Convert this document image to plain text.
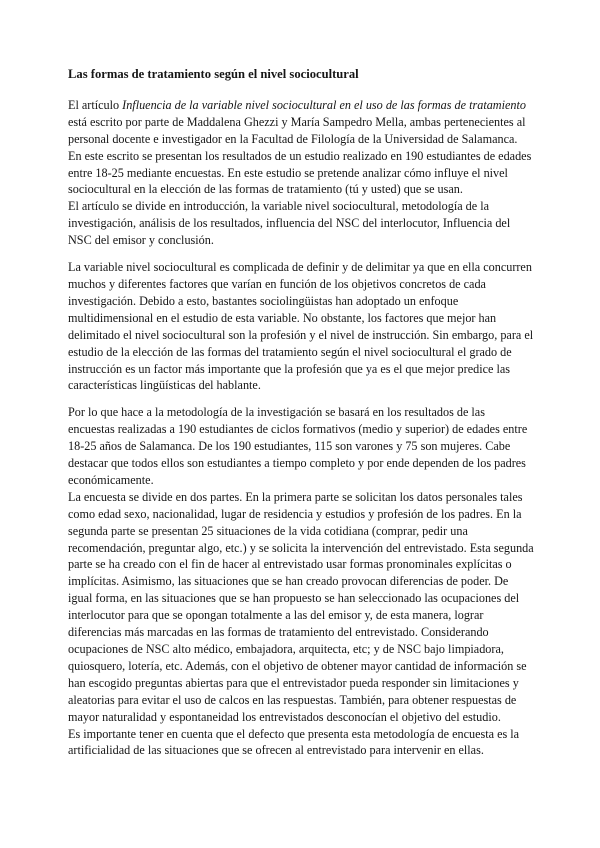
Las formas de tratamiento según el nivel sociocultural

El artículo Influencia de la variable nivel sociocultural en el uso de las formas de tratamiento está escrito por parte de Maddalena Ghezzi y María Sampedro Mella, ambas pertenecientes al personal docente e investigador en la Facultad de Filología de la Universidad de Salamanca. En este escrito se presentan los resultados de un estudio realizado en 190 estudiantes de edades entre 18-25 mediante encuestas. En este estudio se pretende analizar cómo influye el nivel sociocultural en la elección de las formas de tratamiento (tú y usted) que se usan.

El artículo se divide en introducción, la variable nivel sociocultural, metodología de la investigación, análisis de los resultados, influencia del NSC del interlocutor, Influencia del NSC del emisor y conclusión.

La variable nivel sociocultural es complicada de definir y de delimitar ya que en ella concurren muchos y diferentes factores que varían en función de los objetivos concretos de cada investigación. Debido a esto, bastantes sociolingüistas han adoptado un enfoque multidimensional en el estudio de esta variable. No obstante, los factores que mejor han delimitado el nivel sociocultural son la profesión y el nivel de instrucción. Sin embargo, para el estudio de la elección de las formas del tratamiento según el nivel sociocultural el grado de instrucción es un factor más importante que la profesión que ya es el que mejor predice las características lingüísticas del hablante.

Por lo que hace a la metodología de la investigación se basará en los resultados de las encuestas realizadas a 190 estudiantes de ciclos formativos (medio y superior) de edades entre 18-25 años de Salamanca. De los 190 estudiantes, 115 son varones y 75 son mujeres. Cabe destacar que todos ellos son estudiantes a tiempo completo y por ende dependen de los padres económicamente.

La encuesta se divide en dos partes. En la primera parte se solicitan los datos personales tales como edad sexo, nacionalidad, lugar de residencia y estudios y profesión de los padres. En la segunda parte se presentan 25 situaciones de la vida cotidiana (comprar, pedir una recomendación, preguntar algo, etc.) y se solicita la intervención del entrevistado. Esta segunda parte se ha creado con el fin de hacer al entrevistado usar formas pronominales explícitas o implícitas. Asimismo, las situaciones que se han creado provocan diferencias de poder. De igual forma, en las situaciones que se han propuesto se han seleccionado las ocupaciones del interlocutor para que se opongan totalmente a las del emisor y, de esta manera, lograr diferencias más marcadas en las formas de tratamiento del entrevistado. Considerando ocupaciones de NSC alto médico, embajadora, arquitecta, etc; y de NSC bajo limpiadora, quiosquero, lotería, etc. Además, con el objetivo de obtener mayor cantidad de información se han escogido preguntas abiertas para que el entrevistador pueda responder sin limitaciones y aleatorias para evitar el uso de calcos en las respuestas. También, para obtener respuestas de mayor naturalidad y espontaneidad los entrevistados desconocían el objetivo del estudio.

Es importante tener en cuenta que el defecto que presenta esta metodología de encuesta es la artificialidad de las situaciones que se ofrecen al entrevistado para intervenir en ellas.
